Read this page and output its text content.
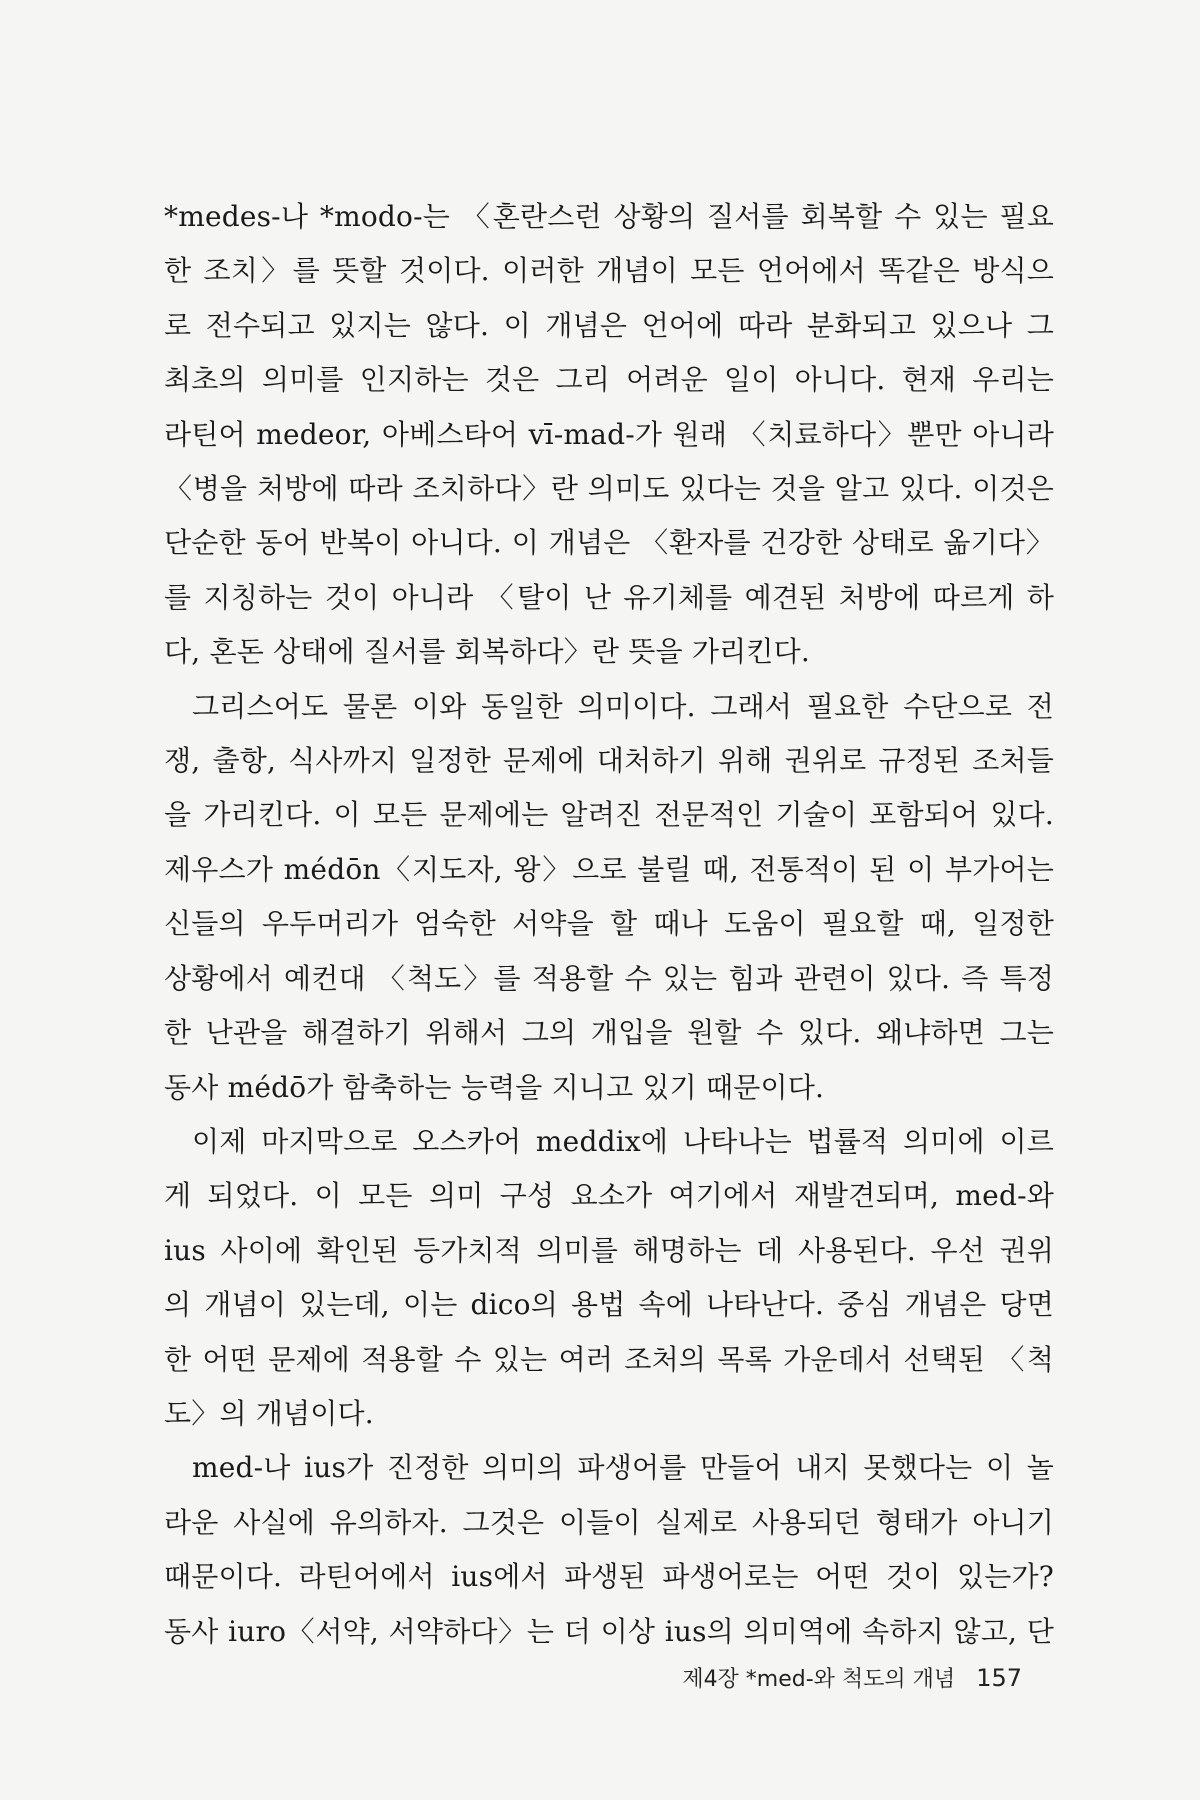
*medes-나 *modo-는 〈혼란스런 상황의 질서를 회복할 수 있는 필요
한 조치〉를 뜻할 것이다. 이러한 개념이 모든 언어에서 똑같은 방식으
로 전수되고 있지는 않다. 이 개념은 언어에 따라 분화되고 있으나 그
최초의 의미를 인지하는 것은 그리 어려운 일이 아니다. 현재 우리는
라틴어 medeor, 아베스타어 vī-mad-가 원래 〈치료하다〉뿐만 아니라
〈병을 처방에 따라 조치하다〉란 의미도 있다는 것을 알고 있다. 이것은
단순한 동어 반복이 아니다. 이 개념은 〈환자를 건강한 상태로 옮기다〉
를 지칭하는 것이 아니라 〈탈이 난 유기체를 예견된 처방에 따르게 하
다, 혼돈 상태에 질서를 회복하다〉란 뜻을 가리킨다.

그리스어도 물론 이와 동일한 의미이다. 그래서 필요한 수단으로 전
쟁, 출항, 식사까지 일정한 문제에 대처하기 위해 권위로 규정된 조처들
을 가리킨다. 이 모든 문제에는 알려진 전문적인 기술이 포함되어 있다.
제우스가 médōn〈지도자, 왕〉으로 불릴 때, 전통적이 된 이 부가어는
신들의 우두머리가 엄숙한 서약을 할 때나 도움이 필요할 때, 일정한
상황에서 예컨대 〈척도〉를 적용할 수 있는 힘과 관련이 있다. 즉 특정
한 난관을 해결하기 위해서 그의 개입을 원할 수 있다. 왜냐하면 그는
동사 médō가 함축하는 능력을 지니고 있기 때문이다.

이제 마지막으로 오스카어 meddix에 나타나는 법률적 의미에 이르
게 되었다. 이 모든 의미 구성 요소가 여기에서 재발견되며, med-와
ius 사이에 확인된 등가치적 의미를 해명하는 데 사용된다. 우선 권위
의 개념이 있는데, 이는 dico의 용법 속에 나타난다. 중심 개념은 당면
한 어떤 문제에 적용할 수 있는 여러 조처의 목록 가운데서 선택된 〈척
도〉의 개념이다.

med-나 ius가 진정한 의미의 파생어를 만들어 내지 못했다는 이 놀
라운 사실에 유의하자. 그것은 이들이 실제로 사용되던 형태가 아니기
때문이다. 라틴어에서 ius에서 파생된 파생어로는 어떤 것이 있는가?
동사 iuro〈서약, 서약하다〉는 더 이상 ius의 의미역에 속하지 않고, 단

제4장 *med-와 척도의 개념 157
